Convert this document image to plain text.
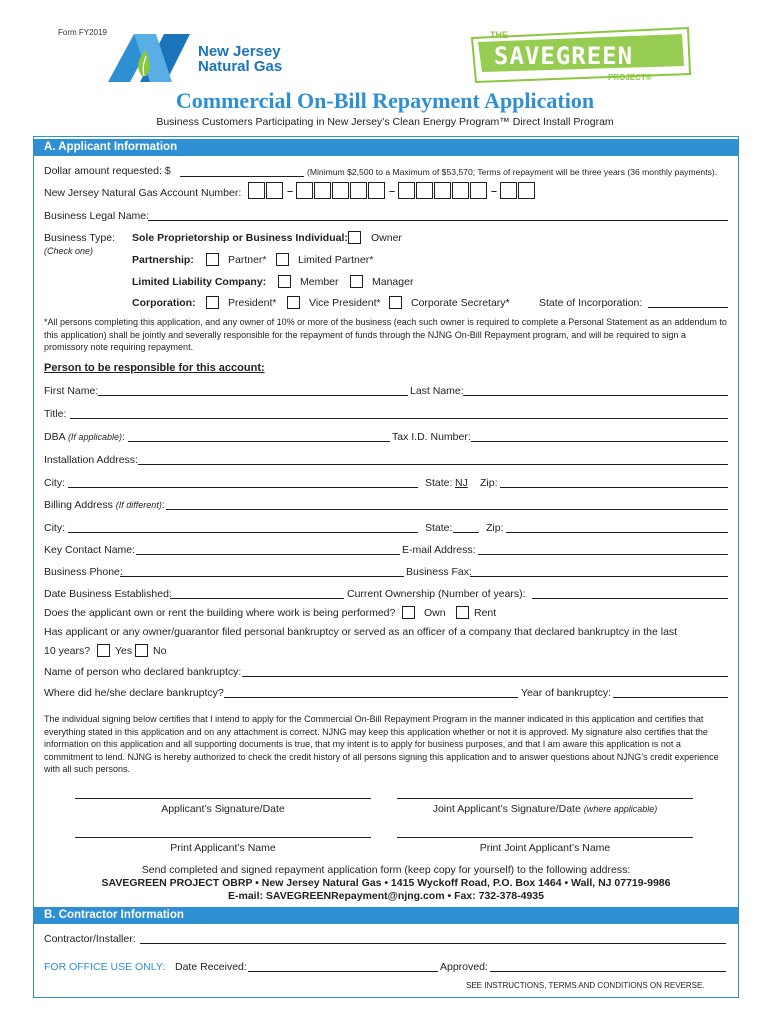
Form FY2019
New Jersey
Natural Gas
THE
SAVEGREEN
PROJECT®
Commercial On-Bill Repayment Application
Business Customers Participating in New Jersey’s Clean Energy Program™ Direct Install Program
A. Applicant Information
Dollar amount requested: $	(Minimum $2,500 to a Maximum of $53,570; Terms of repayment will be three years (36 monthly payments).
New Jersey Natural Gas Account Number:	–	–	–
Business Legal Name:
Business Type:
(Check one)
Sole Proprietorship or Business Individual: Owner
Partnership:	Partner*	Limited Partner*
Limited Liability Company:	Member	Manager
Corporation:	President*	Vice President*	Corporate Secretary*	State of Incorporation:
*All persons completing this application, and any owner of 10% or more of the business (each such owner is required to complete a Personal Statement as an addendum to this application) shall be jointly and severally responsible for the repayment of funds through the NJNG On-Bill Repayment program, and will be required to sign a promissory note requiring repayment.
Person to be responsible for this account:
First Name:	Last Name:
Title:
DBA (If applicable):	Tax I.D. Number:
Installation Address:
City:	State: NJ Zip:
Billing Address (If different):
City:	State:	Zip:
Key Contact Name:	E-mail Address:
Business Phone:	Business Fax:
Date Business Established:	Current Ownership (Number of years):
Does the applicant own or rent the building where work is being performed?	Own	Rent
Has applicant or any owner/guarantor filed personal bankruptcy or served as an officer of a company that declared bankruptcy in the last
10 years? Yes No
Name of person who declared bankruptcy:
Where did he/she declare bankruptcy?	Year of bankruptcy:
The individual signing below certifies that I intend to apply for the Commercial On-Bill Repayment Program in the manner indicated in this application and certifies that everything stated in this application and on any attachment is correct. NJNG may keep this application whether or not it is approved. My signature also certifies that the information on this application and all supporting documents is true, that my intent is to apply for business purposes, and that I am aware this application is not a commitment to lend. NJNG is hereby authorized to check the credit history of all persons signing this application and to answer questions about NJNG’s credit experience with all such persons.
Applicant’s Signature/Date	Joint Applicant’s Signature/Date (where applicable)
Print Applicant’s Name	Print Joint Applicant’s Name
Send completed and signed repayment application form (keep copy for yourself) to the following address:
SAVEGREEN PROJECT OBRP • New Jersey Natural Gas • 1415 Wyckoff Road, P.O. Box 1464 • Wall, NJ 07719-9986
E-mail: SAVEGREENRepayment@njng.com • Fax: 732-378-4935
B. Contractor Information
Contractor/Installer:
FOR OFFICE USE ONLY: Date Received:	Approved:
SEE INSTRUCTIONS, TERMS AND CONDITIONS ON REVERSE.
